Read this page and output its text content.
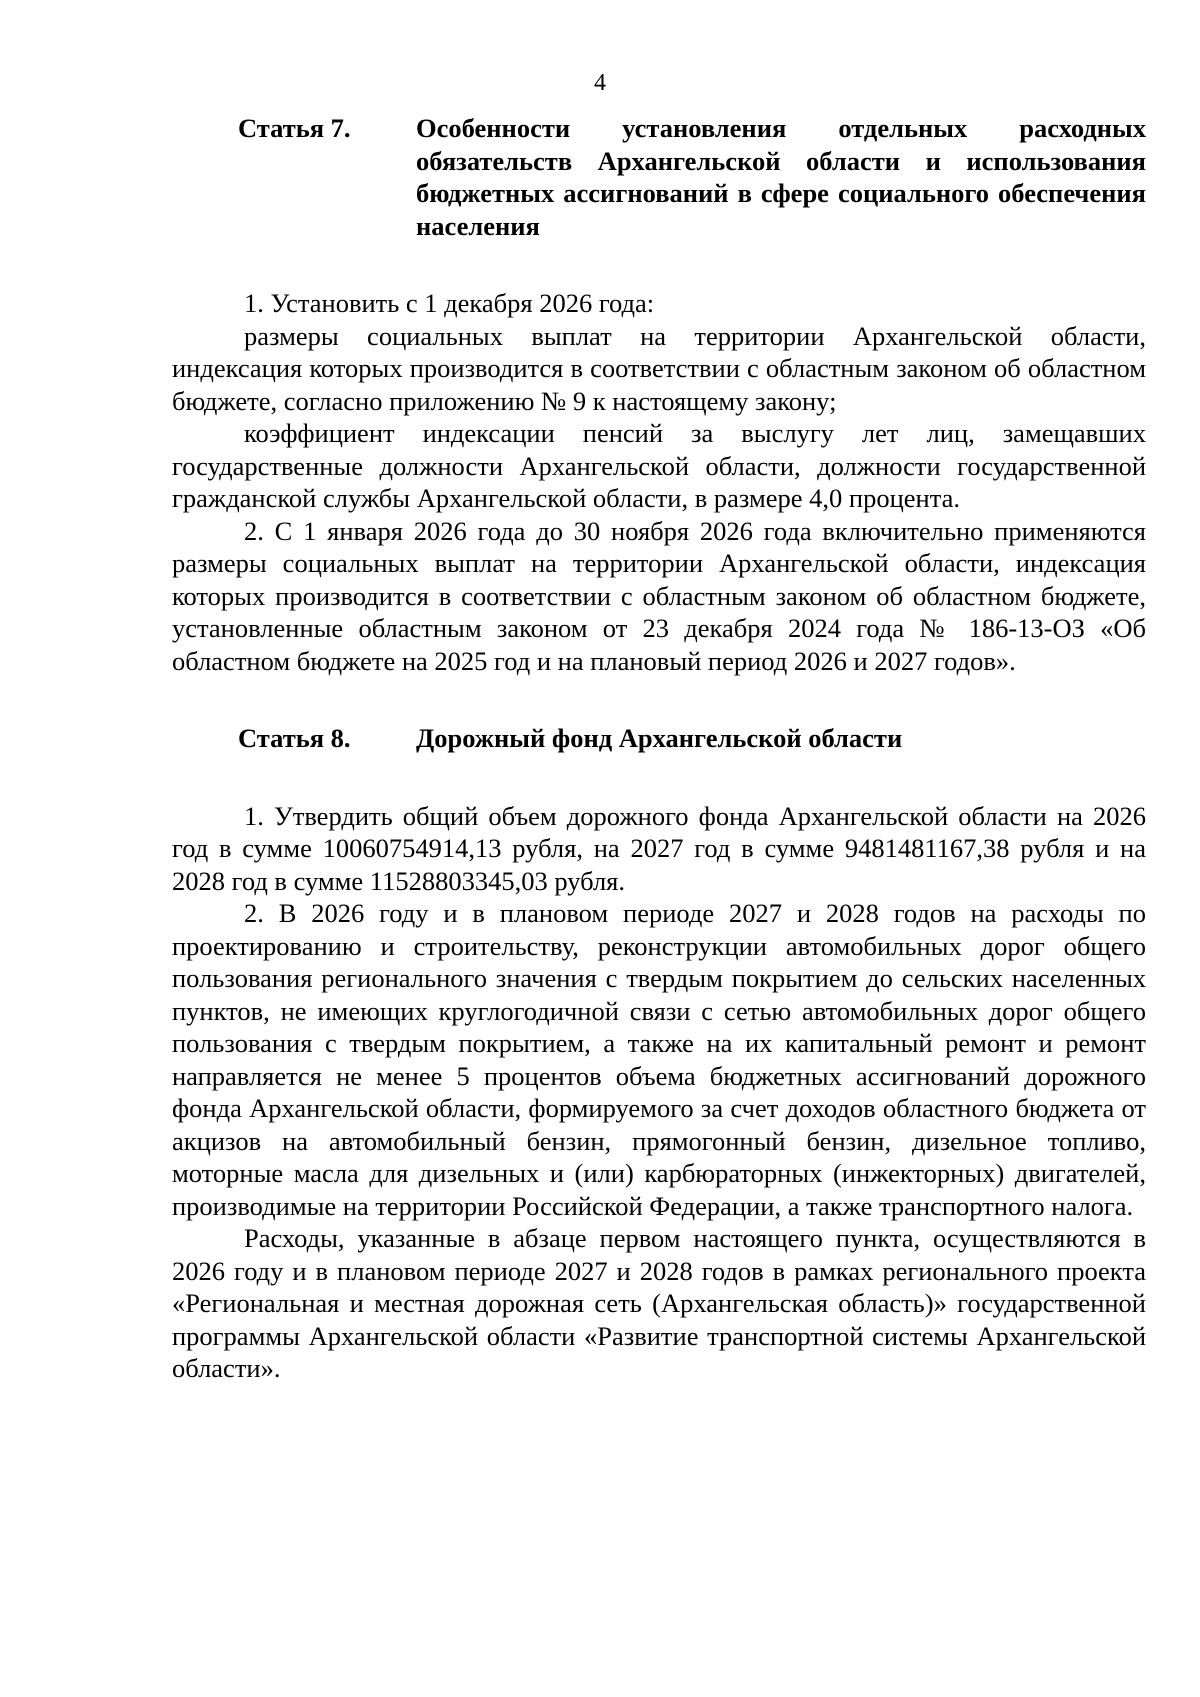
4
Статья 7.	Особенности установления отдельных расходных обязательств Архангельской области и использования бюджетных ассигнований в сфере социального обеспечения населения

1. Установить с 1 декабря 2026 года:

размеры социальных выплат на территории Архангельской области, индексация которых производится в соответствии с областным законом об областном бюджете, согласно приложению № 9 к настоящему закону;

коэффициент индексации пенсий за выслугу лет лиц, замещавших государственные должности Архангельской области, должности государственной гражданской службы Архангельской области, в размере 4,0 процента.

2. С 1 января 2026 года до 30 ноября 2026 года включительно применяются размеры социальных выплат на территории Архангельской области, индексация которых производится в соответствии с областным законом об областном бюджете, установленные областным законом от 23 декабря 2024 года № 186-13-ОЗ «Об областном бюджете на 2025 год и на плановый период 2026 и 2027 годов».

Статья 8.	Дорожный фонд Архангельской области

1. Утвердить общий объем дорожного фонда Архангельской области на 2026 год в сумме 10060754914,13 рубля, на 2027 год в сумме 9481481167,38 рубля и на 2028 год в сумме 11528803345,03 рубля.

2. В 2026 году и в плановом периоде 2027 и 2028 годов на расходы по проектированию и строительству, реконструкции автомобильных дорог общего пользования регионального значения с твердым покрытием до сельских населенных пунктов, не имеющих круглогодичной связи с сетью автомобильных дорог общего пользования с твердым покрытием, а также на их капитальный ремонт и ремонт направляется не менее 5 процентов объема бюджетных ассигнований дорожного фонда Архангельской области, формируемого за счет доходов областного бюджета от акцизов на автомобильный бензин, прямогонный бензин, дизельное топливо, моторные масла для дизельных и (или) карбюраторных (инжекторных) двигателей, производимые на территории Российской Федерации, а также транспортного налога.

Расходы, указанные в абзаце первом настоящего пункта, осуществляются в 2026 году и в плановом периоде 2027 и 2028 годов в рамках регионального проекта «Региональная и местная дорожная сеть (Архангельская область)» государственной программы Архангельской области «Развитие транспортной системы Архангельской области».
